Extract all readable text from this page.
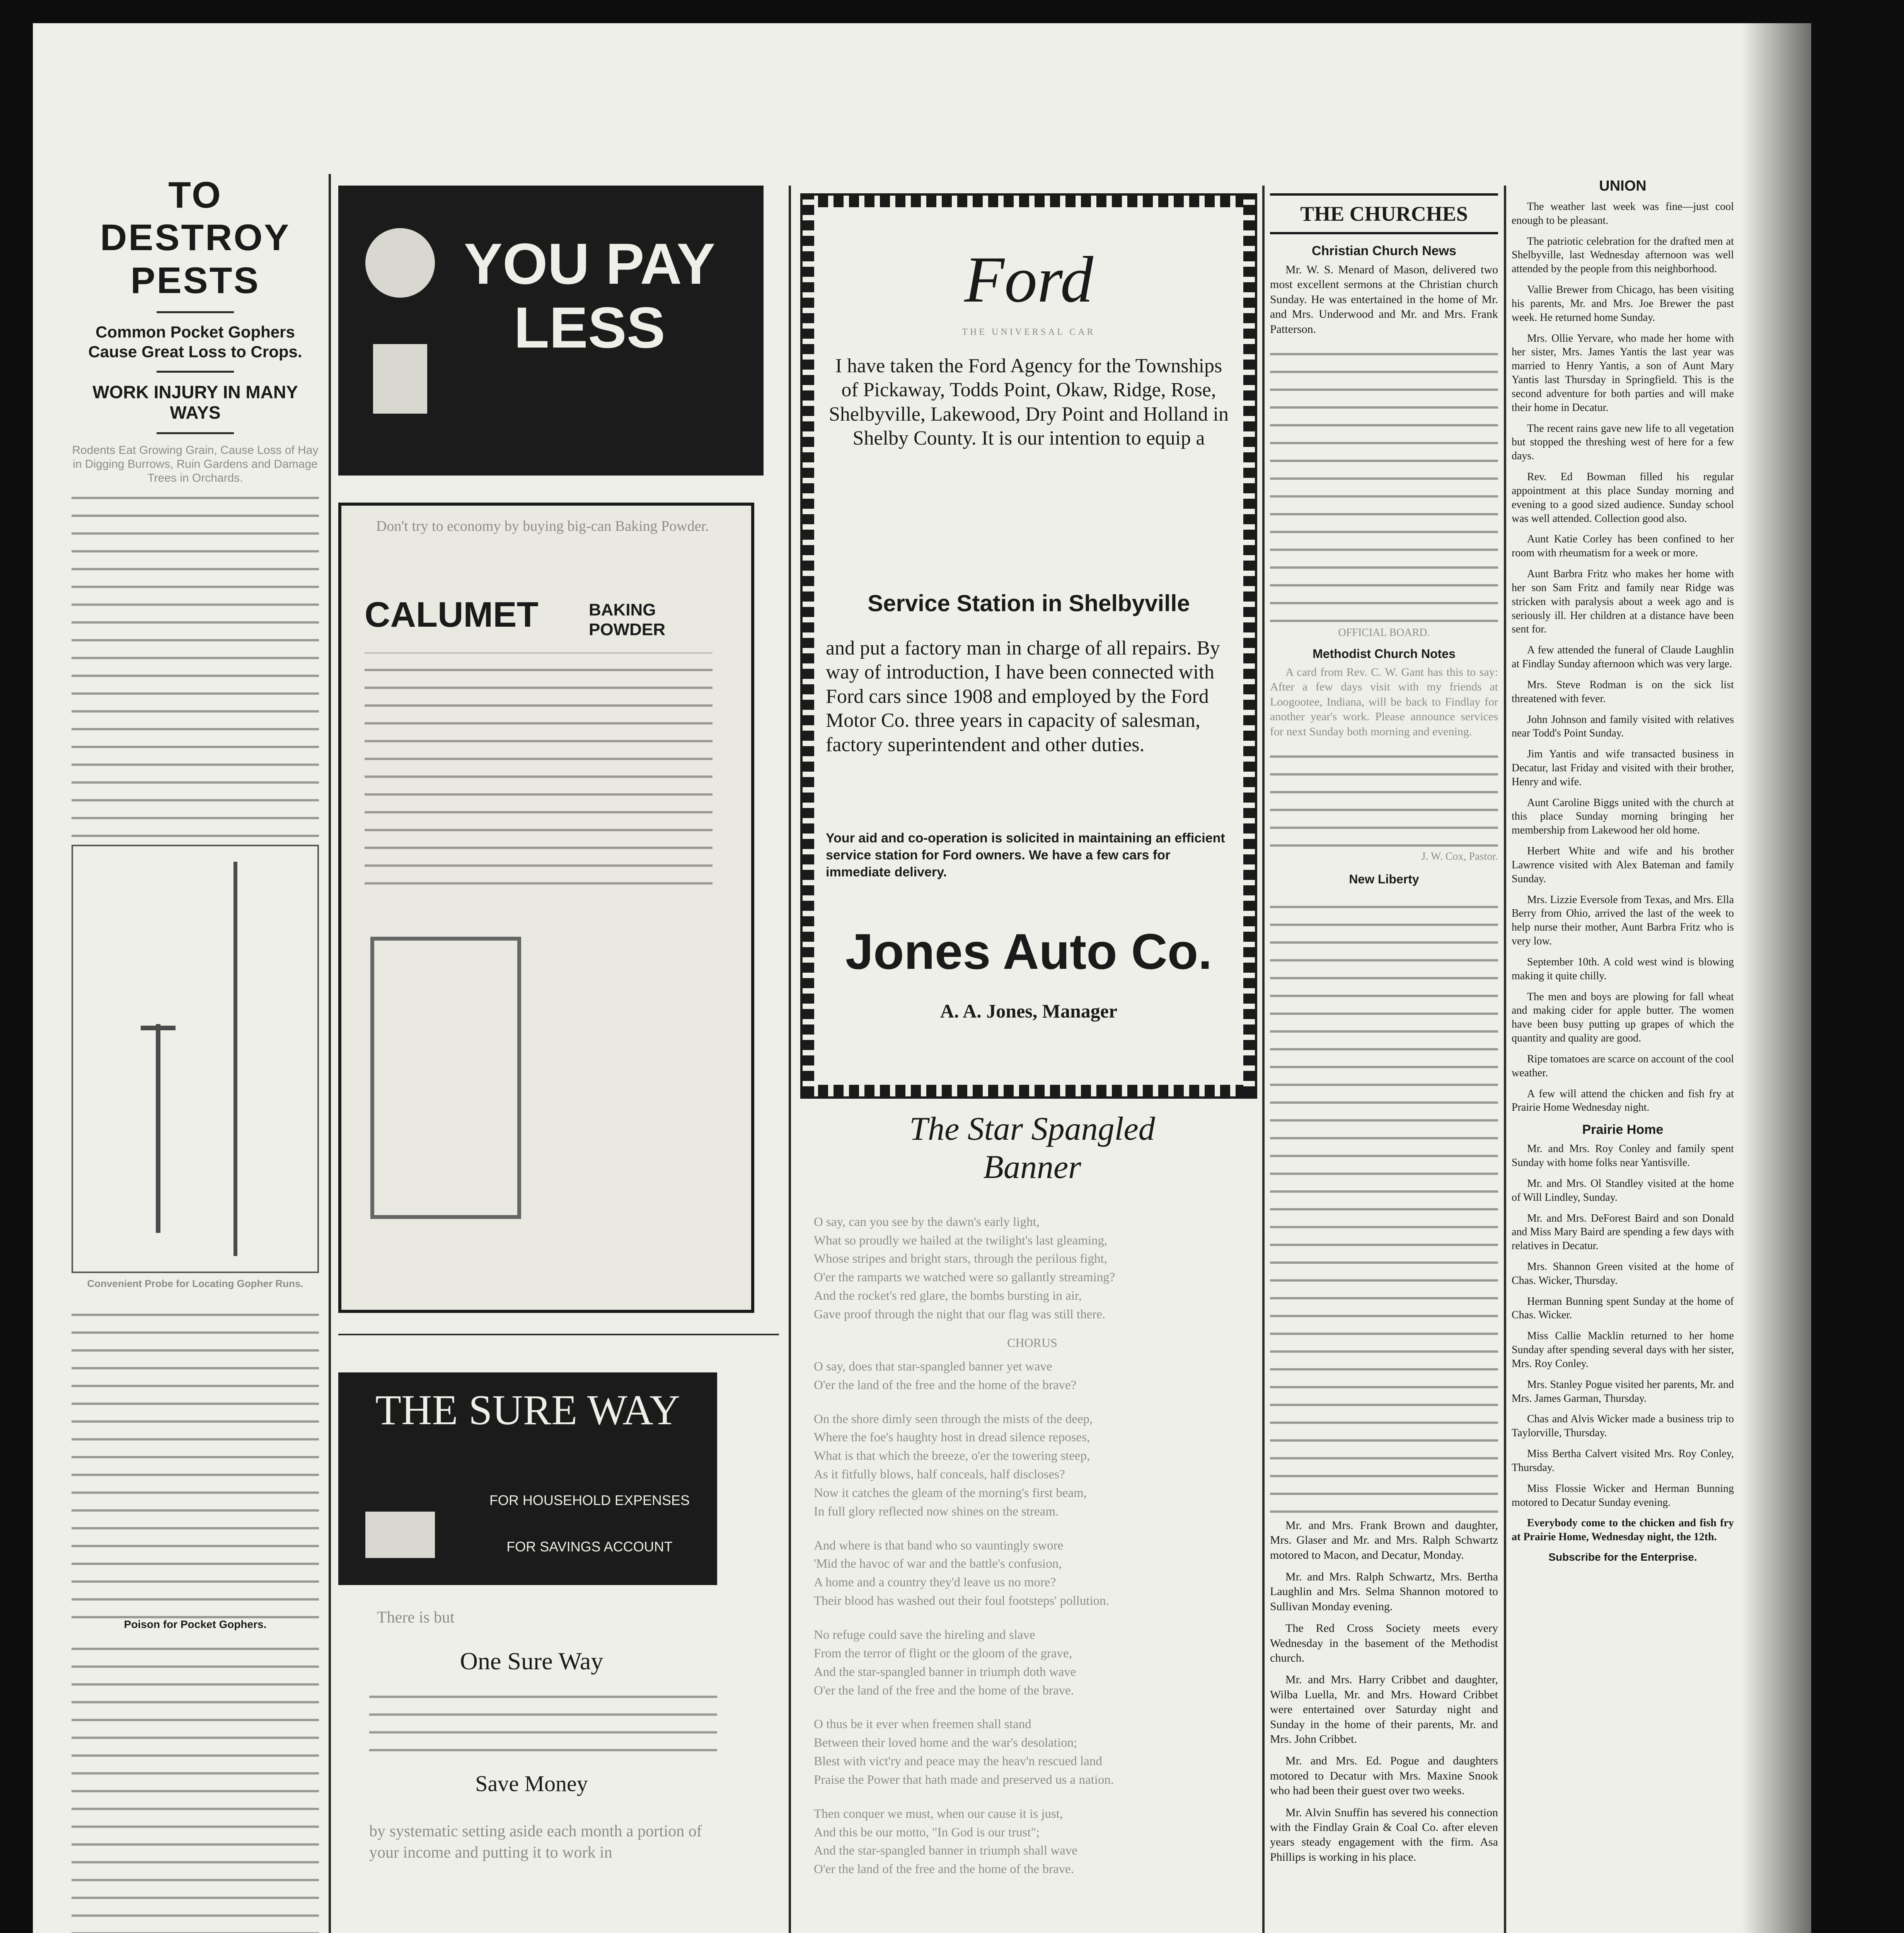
TO DESTROY PESTS
Common Pocket Gophers Cause Great Loss to Crops.
WORK INJURY IN MANY WAYS
Rodents Eat Growing Grain, Cause Loss of Hay in Digging Burrows, Ruin Gardens and Damage Trees in Orchards.
Convenient Probe for Locating Gopher Runs.
Poison for Pocket Gophers.

YOU PAY LESS
Don't try to economy by buying big-can Baking Powder.
CALUMET	BAKING POWDER
THE SURE WAY
FOR HOUSEHOLD EXPENSES
FOR SAVINGS ACCOUNT
There is but
One Sure Way
Save Money
by systematic setting aside each month a portion of your income and putting it to work in

Ford
THE UNIVERSAL CAR
I have taken the Ford Agency for the Townships of Pickaway, Todds Point, Okaw, Ridge, Rose, Shelbyville, Lakewood, Dry Point and Holland in Shelby County. It is our intention to equip a
Service Station in Shelbyville
and put a factory man in charge of all repairs. By way of introduction, I have been connected with Ford cars since 1908 and employed by the Ford Motor Co. three years in capacity of salesman, factory superintendent and other duties.
Your aid and co-operation is solicited in maintaining an efficient service station for Ford owners. We have a few cars for immediate delivery.
Jones Auto Co.
A. A. Jones, Manager
The Star Spangled Banner
O say, can you see by the dawn's early light,
What so proudly we hailed at the twilight's last gleaming,
Whose stripes and bright stars, through the perilous fight,
O'er the ramparts we watched were so gallantly streaming?
And the rocket's red glare, the bombs bursting in air,
Gave proof through the night that our flag was still there.
CHORUS
O say, does that star-spangled banner yet wave
O'er the land of the free and the home of the brave?
On the shore dimly seen through the mists of the deep,
Where the foe's haughty host in dread silence reposes,
What is that which the breeze, o'er the towering steep,
As it fitfully blows, half conceals, half discloses?
Now it catches the gleam of the morning's first beam,
In full glory reflected now shines on the stream.
And where is that band who so vauntingly swore
'Mid the havoc of war and the battle's confusion,
A home and a country they'd leave us no more?
Their blood has washed out their foul footsteps' pollution.
No refuge could save the hireling and slave
From the terror of flight or the gloom of the grave,
And the star-spangled banner in triumph doth wave
O'er the land of the free and the home of the brave.
O thus be it ever when freemen shall stand
Between their loved home and the war's desolation;
Blest with vict'ry and peace may the heav'n rescued land
Praise the Power that hath made and preserved us a nation.
Then conquer we must, when our cause it is just,
And this be our motto, "In God is our trust";
And the star-spangled banner in triumph shall wave
O'er the land of the free and the home of the brave.
THE CHURCHES
Christian Church News

Mr. W. S. Menard of Mason, delivered two most excellent sermons at the Christian church Sunday. He was entertained in the home of Mr. and Mrs. Underwood and Mr. and Mrs. Frank Patterson.

OFFICIAL BOARD.
Methodist Church Notes

A card from Rev. C. W. Gant has this to say: After a few days visit with my friends at Loogootee, Indiana, will be back to Findlay for another year's work. Please announce services for next Sunday both morning and evening.

J. W. Cox, Pastor.
New Liberty

Mr. and Mrs. Frank Brown and daughter, Mrs. Glaser and Mr. and Mrs. Ralph Schwartz motored to Macon, and Decatur, Monday.

Mr. and Mrs. Ralph Schwartz, Mrs. Bertha Laughlin and Mrs. Selma Shannon motored to Sullivan Monday evening.

The Red Cross Society meets every Wednesday in the basement of the Methodist church.

Mr. and Mrs. Harry Cribbet and daughter, Wilba Luella, Mr. and Mrs. Howard Cribbet were entertained over Saturday night and Sunday in the home of their parents, Mr. and Mrs. John Cribbet.

Mr. and Mrs. Ed. Pogue and daughters motored to Decatur with Mrs. Maxine Snook who had been their guest over two weeks.

Mr. Alvin Snuffin has severed his connection with the Findlay Grain & Coal Co. after eleven years steady engagement with the firm. Asa Phillips is working in his place.

UNION

The weather last week was fine—just cool enough to be pleasant.

The patriotic celebration for the drafted men at Shelbyville, last Wednesday afternoon was well attended by the people from this neighborhood.

Vallie Brewer from Chicago, has been visiting his parents, Mr. and Mrs. Joe Brewer the past week. He returned home Sunday.

Mrs. Ollie Yervare, who made her home with her sister, Mrs. James Yantis the last year was married to Henry Yantis, a son of Aunt Mary Yantis last Thursday in Springfield. This is the second adventure for both parties and will make their home in Decatur.

The recent rains gave new life to all vegetation but stopped the threshing west of here for a few days.

Rev. Ed Bowman filled his regular appointment at this place Sunday morning and evening to a good sized audience. Sunday school was well attended. Collection good also.

Aunt Katie Corley has been confined to her room with rheumatism for a week or more.

Aunt Barbra Fritz who makes her home with her son Sam Fritz and family near Ridge was stricken with paralysis about a week ago and is seriously ill. Her children at a distance have been sent for.

A few attended the funeral of Claude Laughlin at Findlay Sunday afternoon which was very large.

Mrs. Steve Rodman is on the sick list threatened with fever.

John Johnson and family visited with relatives near Todd's Point Sunday.

Jim Yantis and wife transacted business in Decatur, last Friday and visited with their brother, Henry and wife.

Aunt Caroline Biggs united with the church at this place Sunday morning bringing her membership from Lakewood her old home.

Herbert White and wife and his brother Lawrence visited with Alex Bateman and family Sunday.

Mrs. Lizzie Eversole from Texas, and Mrs. Ella Berry from Ohio, arrived the last of the week to help nurse their mother, Aunt Barbra Fritz who is very low.

September 10th. A cold west wind is blowing making it quite chilly.

The men and boys are plowing for fall wheat and making cider for apple butter. The women have been busy putting up grapes of which the quantity and quality are good.

Ripe tomatoes are scarce on account of the cool weather.

A few will attend the chicken and fish fry at Prairie Home Wednesday night.

Prairie Home

Mr. and Mrs. Roy Conley and family spent Sunday with home folks near Yantisville.

Mr. and Mrs. Ol Standley visited at the home of Will Lindley, Sunday.

Mr. and Mrs. DeForest Baird and son Donald and Miss Mary Baird are spending a few days with relatives in Decatur.

Mrs. Shannon Green visited at the home of Chas. Wicker, Thursday.

Herman Bunning spent Sunday at the home of Chas. Wicker.

Miss Callie Macklin returned to her home Sunday after spending several days with her sister, Mrs. Roy Conley.

Mrs. Stanley Pogue visited her parents, Mr. and Mrs. James Garman, Thursday.

Chas and Alvis Wicker made a business trip to Taylorville, Thursday.

Miss Bertha Calvert visited Mrs. Roy Conley, Thursday.

Miss Flossie Wicker and Herman Bunning motored to Decatur Sunday evening.

Everybody come to the chicken and fish fry at Prairie Home, Wednesday night, the 12th.

Subscribe for the Enterprise.
